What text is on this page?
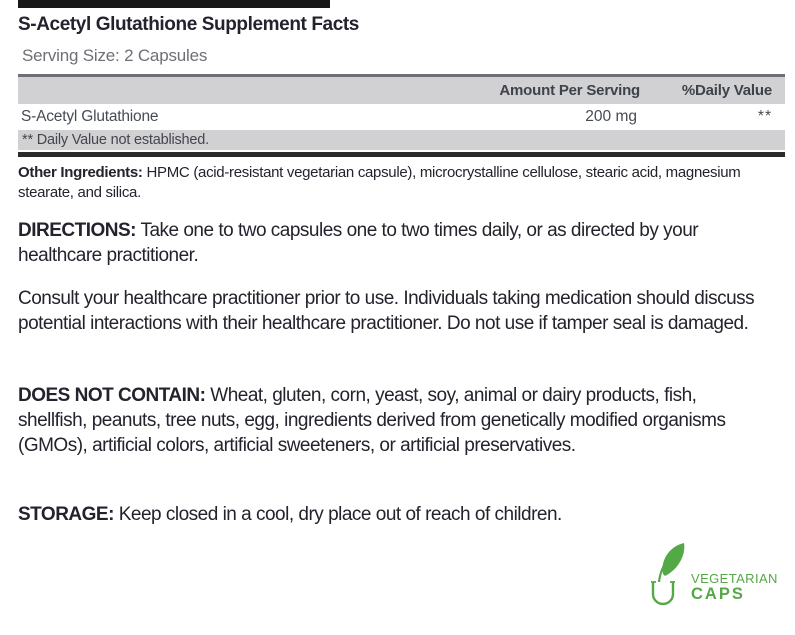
S-Acetyl Glutathione Supplement Facts
Serving Size: 2 Capsules
Amount Per Serving	%Daily Value
S-Acetyl Glutathione	200 mg	**
** Daily Value not established.
Other Ingredients: HPMC (acid-resistant vegetarian capsule), microcrystalline cellulose, stearic acid, magnesium stearate, and silica.
DIRECTIONS: Take one to two capsules one to two times daily, or as directed by your healthcare practitioner.
Consult your healthcare practitioner prior to use. Individuals taking medication should discuss potential interactions with their healthcare practitioner. Do not use if tamper seal is damaged.
DOES NOT CONTAIN: Wheat, gluten, corn, yeast, soy, animal or dairy products, fish, shellfish, peanuts, tree nuts, egg, ingredients derived from genetically modified organisms (GMOs), artificial colors, artificial sweeteners, or artificial preservatives.
STORAGE: Keep closed in a cool, dry place out of reach of children.
VEGETARIAN
CAPS
